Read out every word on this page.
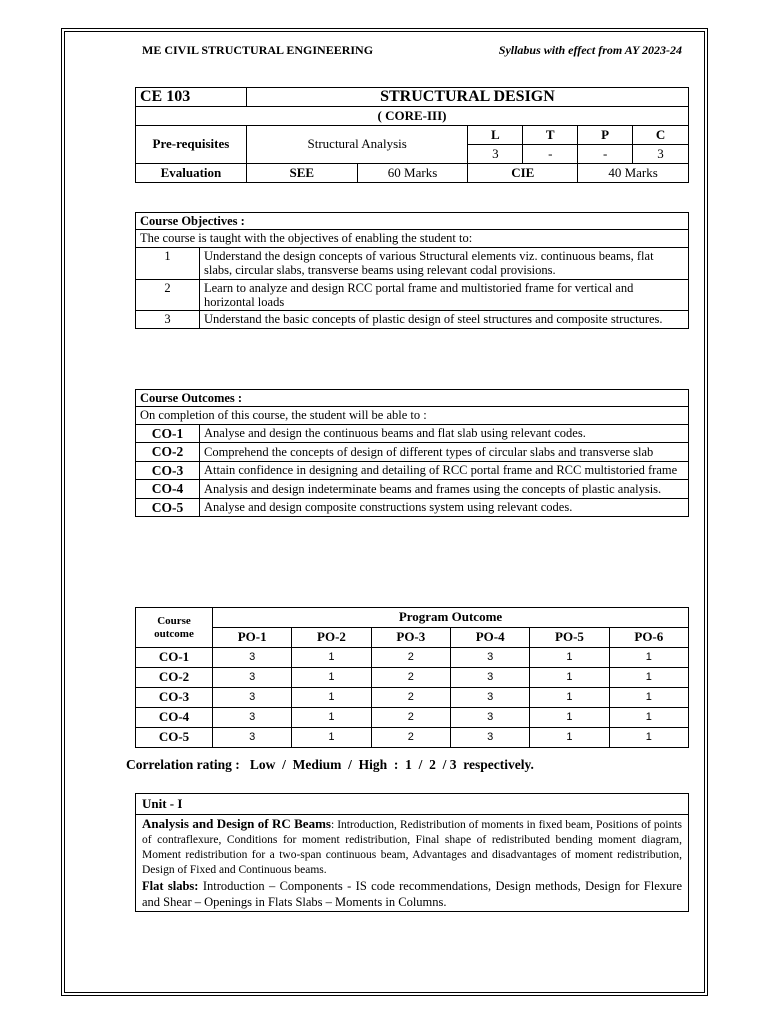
ME CIVIL STRUCTURAL ENGINEERING	Syllabus with effect from AY 2023-24
CE 103	STRUCTURAL DESIGN					
( CORE-III)						
Pre-requisites	Structural Analysis		L	T	P	C
			3	-	-	3
Evaluation	SEE	60 Marks	CIE		40 Marks	
Course Objectives :	
The course is taught with the objectives of enabling the student to:	
1	Understand the design concepts of various Structural elements viz. continuous beams, flat slabs, circular slabs, transverse beams using relevant codal provisions.
2	Learn to analyze and design RCC portal frame and multistoried frame for vertical and horizontal loads
3	Understand the basic concepts of plastic design of steel structures and composite structures.
Course Outcomes :	
On completion of this course, the student will be able to :	
CO-1	Analyse and design the continuous beams and flat slab using relevant codes.
CO-2	Comprehend the concepts of design of different types of circular slabs and transverse slab
CO-3	Attain confidence in designing and detailing of RCC portal frame and RCC multistoried frame
CO-4	Analysis and design indeterminate beams and frames using the concepts of plastic analysis.
CO-5	Analyse and design composite constructions system using relevant codes.
Course outcome	Program Outcome					
	PO-1	PO-2	PO-3	PO-4	PO-5	PO-6
CO-1	3	1	2	3	1	1
CO-2	3	1	2	3	1	1
CO-3	3	1	2	3	1	1
CO-4	3	1	2	3	1	1
CO-5	3	1	2	3	1	1
Correlation rating :   Low  /  Medium  /  High  :  1  /  2  / 3  respectively.
Unit - I

Analysis and Design of RC Beams: Introduction, Redistribution of moments in fixed beam, Positions of points of contraflexure, Conditions for moment redistribution, Final shape of redistributed bending moment diagram, Moment redistribution for a two-span continuous beam, Advantages and disadvantages of moment redistribution, Design of Fixed and Continuous beams.
Flat slabs: Introduction – Components - IS code recommendations, Design methods, Design for Flexure and Shear – Openings in Flats Slabs – Moments in Columns.
